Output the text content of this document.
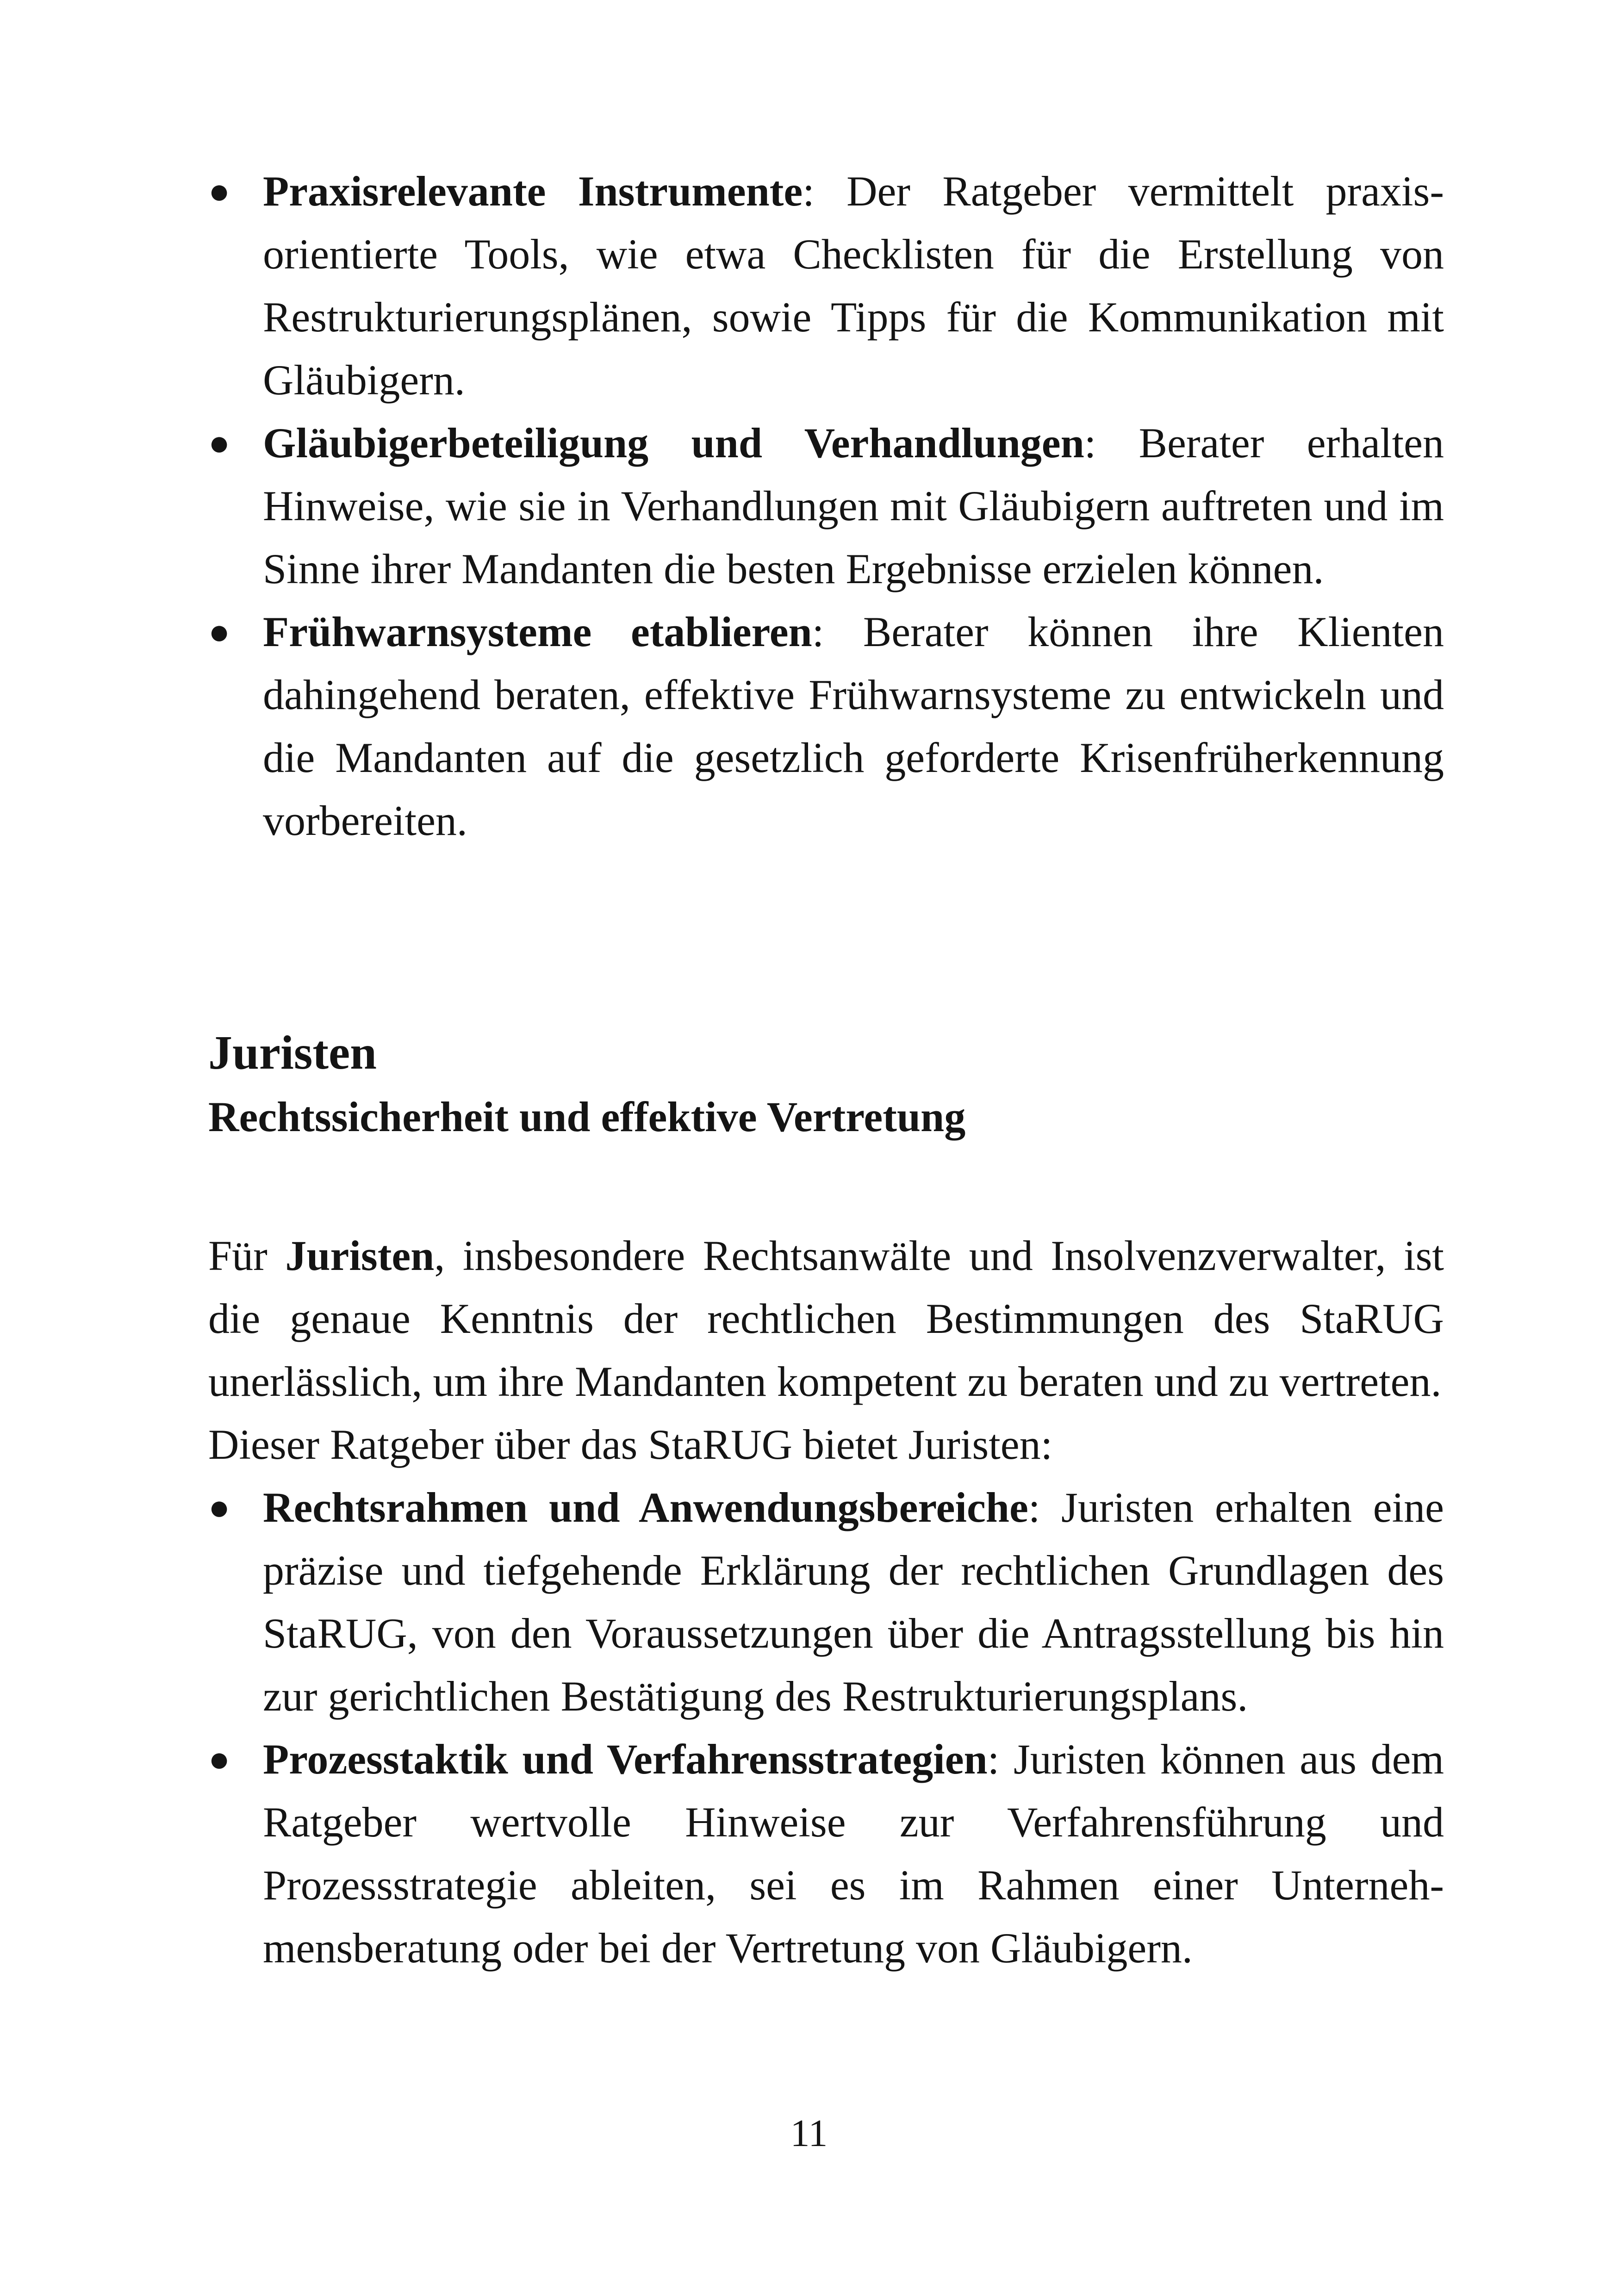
● Praxisrelevante Instrumente: Der Ratgeber vermittelt praxisorientierte Tools, wie etwa Checklisten für die Erstellung von Restrukturierungsplänen, sowie Tipps für die Kommunikation mit Gläubigern.
● Gläubigerbeteiligung und Verhandlungen: Berater erhalten Hinweise, wie sie in Verhandlungen mit Gläubigern auftreten und im Sinne ihrer Mandanten die besten Ergebnisse erzielen können.
● Frühwarnsysteme etablieren: Berater können ihre Klienten dahingehend beraten, effektive Frühwarnsysteme zu entwickeln und die Mandanten auf die gesetzlich geforderte Krisenfrüherkennung vorbereiten.
Juristen
Rechtssicherheit und effektive Vertretung

Für Juristen, insbesondere Rechtsanwälte und Insolvenzverwalter, ist die genaue Kenntnis der rechtlichen Bestimmungen des StaRUG unerlässlich, um ihre Mandanten kompetent zu beraten und zu vertreten.

Dieser Ratgeber über das StaRUG bietet Juristen:

● Rechtsrahmen und Anwendungsbereiche: Juristen erhalten eine präzise und tiefgehende Erklärung der rechtlichen Grundlagen des StaRUG, von den Voraussetzungen über die Antragsstellung bis hin zur gerichtlichen Bestätigung des Restrukturierungsplans.
● Prozesstaktik und Verfahrensstrategien: Juristen können aus dem Ratgeber wertvolle Hinweise zur Verfahrensführung und Prozessstrategie ableiten, sei es im Rahmen einer Unternehmensberatung oder bei der Vertretung von Gläubigern.
11
